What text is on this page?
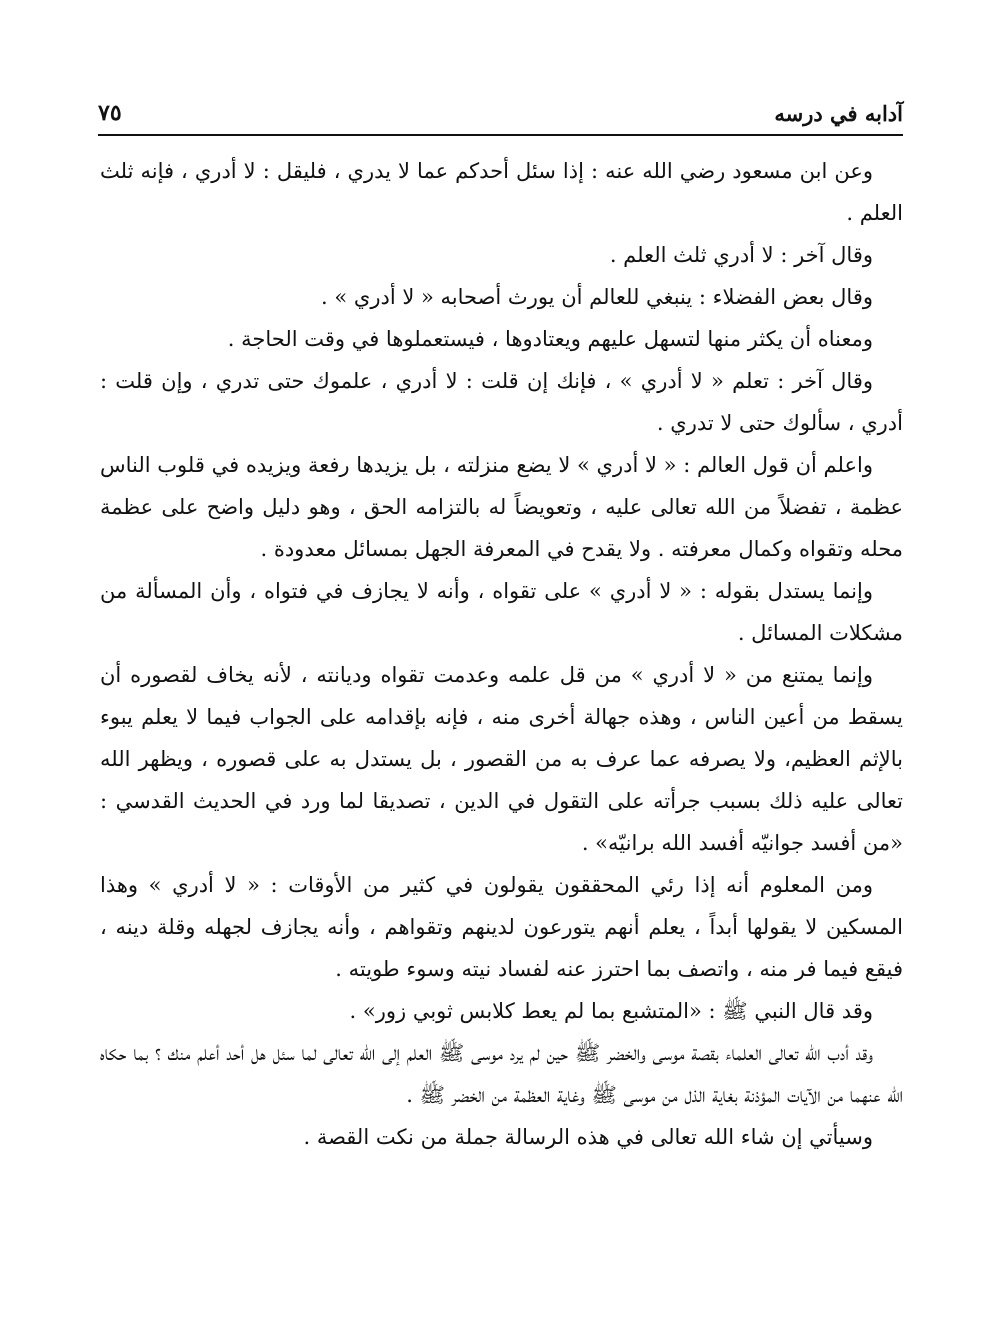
٧٥	آدابه في درسه

وعن ابن مسعود رضي الله عنه : إذا سئل أحدكم عما لا يدري ، فليقل : لا أدري ، فإنه ثلث العلم .

وقال آخر : لا أدري ثلث العلم .

وقال بعض الفضلاء : ينبغي للعالم أن يورث أصحابه « لا أدري » .

ومعناه أن يكثر منها لتسهل عليهم ويعتادوها ، فيستعملوها في وقت الحاجة .

وقال آخر : تعلم « لا أدري » ، فإنك إن قلت : لا أدري ، علموك حتى تدري ، وإن قلت : أدري ، سألوك حتى لا تدري .

واعلم أن قول العالم : « لا أدري » لا يضع منزلته ، بل يزيدها رفعة ويزيده في قلوب الناس عظمة ، تفضلاً من الله تعالى عليه ، وتعويضاً له بالتزامه الحق ، وهو دليل واضح على عظمة محله وتقواه وكمال معرفته . ولا يقدح في المعرفة الجهل بمسائل معدودة .

وإنما يستدل بقوله : « لا أدري » على تقواه ، وأنه لا يجازف في فتواه ، وأن المسألة من مشكلات المسائل .

وإنما يمتنع من « لا أدري » من قل علمه وعدمت تقواه وديانته ، لأنه يخاف لقصوره أن يسقط من أعين الناس ، وهذه جهالة أخرى منه ، فإنه بإقدامه على الجواب فيما لا يعلم يبوء بالإثم العظيم، ولا يصرفه عما عرف به من القصور ، بل يستدل به على قصوره ، ويظهر الله تعالى عليه ذلك بسبب جرأته على التقول في الدين ، تصديقا لما ورد في الحديث القدسي : «من أفسد جوانيّه أفسد الله برانيّه» .

ومن المعلوم أنه إذا رئي المحققون يقولون في كثير من الأوقات : « لا أدري » وهذا المسكين لا يقولها أبداً ، يعلم أنهم يتورعون لدينهم وتقواهم ، وأنه يجازف لجهله وقلة دينه ، فيقع فيما فر منه ، واتصف بما احترز عنه لفساد نيته وسوء طويته .

وقد قال النبي ﷺ : «المتشبع بما لم يعط كلابس ثوبي زور» .

وقد أدب الله تعالى العلماء بقصة موسى والخضر ﷺ حين لم يرد موسى ﷺ العلم إلى الله تعالى لما سئل هل أحد أعلم منك ؟ بما حكاه الله عنهما من الآيات المؤذنة بغاية الذل من موسى ﷺ وغاية العظمة من الخضر ﷺ .

وسيأتي إن شاء الله تعالى في هذه الرسالة جملة من نكت القصة .
